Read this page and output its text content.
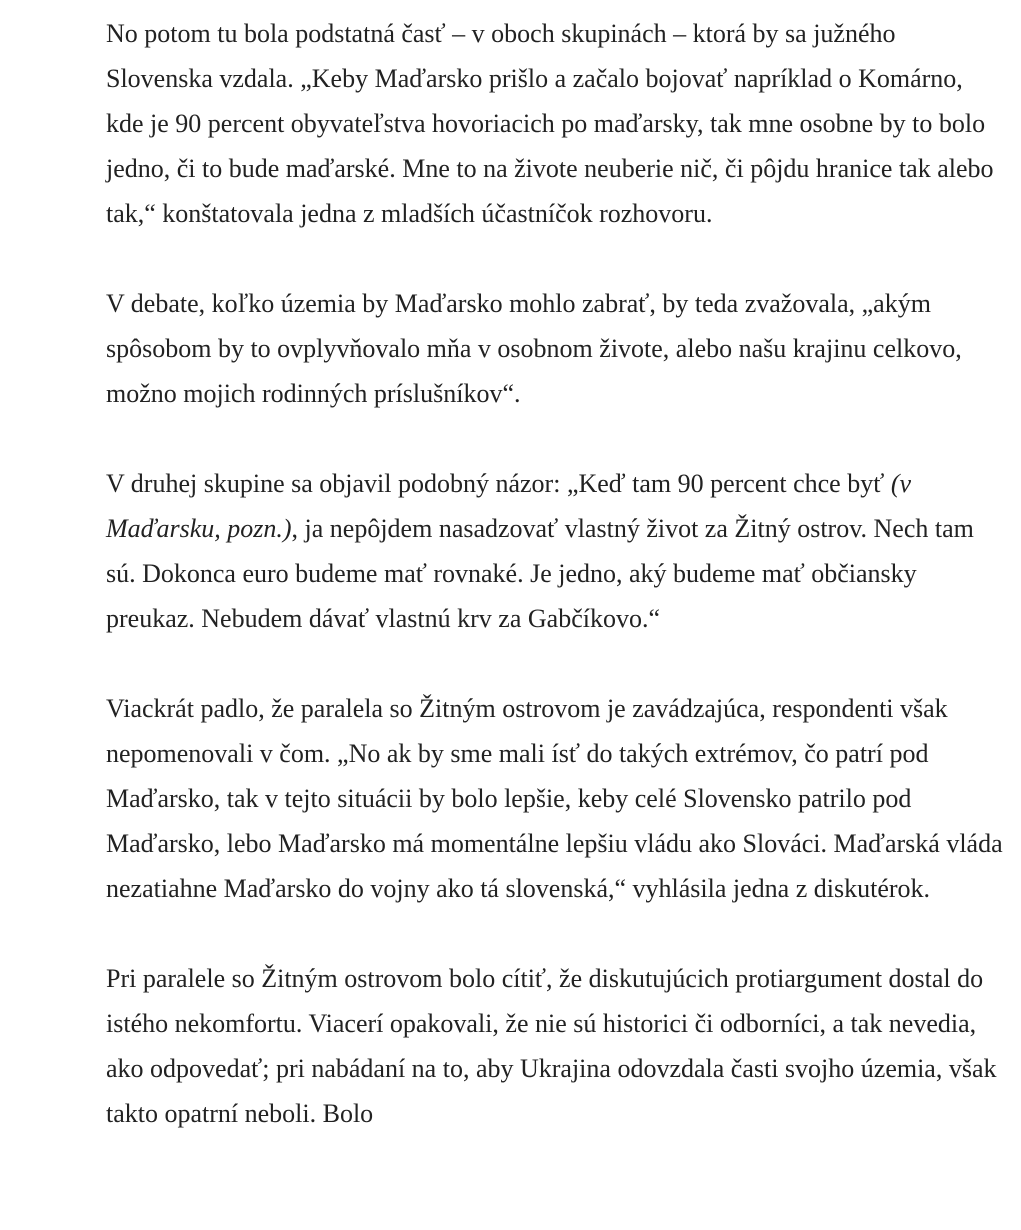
No potom tu bola podstatná časť – v oboch skupinách – ktorá by sa južného Slovenska vzdala. „Keby Maďarsko prišlo a začalo bojovať napríklad o Komárno, kde je 90 percent obyvateľstva hovoriacich po maďarsky, tak mne osobne by to bolo jedno, či to bude maďarské. Mne to na živote neuberie nič, či pôjdu hranice tak alebo tak,“ konštatovala jedna z mladších účastníčok rozhovoru.

V debate, koľko územia by Maďarsko mohlo zabrať, by teda zvažovala, „akým spôsobom by to ovplyvňovalo mňa v osobnom živote, alebo našu krajinu celkovo, možno mojich rodinných príslušníkov“.

V druhej skupine sa objavil podobný názor: „Keď tam 90 percent chce byť (v Maďarsku, pozn.), ja nepôjdem nasadzovať vlastný život za Žitný ostrov. Nech tam sú. Dokonca euro budeme mať rovnaké. Je jedno, aký budeme mať občiansky preukaz. Nebudem dávať vlastnú krv za Gabčíkovo.“

Viackrát padlo, že paralela so Žitným ostrovom je zavádzajúca, respondenti však nepomenovali v čom. „No ak by sme mali ísť do takých extrémov, čo patrí pod Maďarsko, tak v tejto situácii by bolo lepšie, keby celé Slovensko patrilo pod Maďarsko, lebo Maďarsko má momentálne lepšiu vládu ako Slováci. Maďarská vláda nezatiahne Maďarsko do vojny ako tá slovenská,“ vyhlásila jedna z diskutérok.

Pri paralele so Žitným ostrovom bolo cítiť, že diskutujúcich protiargument dostal do istého nekomfortu. Viacerí opakovali, že nie sú historici či odborníci, a tak nevedia, ako odpovedať; pri nabádaní na to, aby Ukrajina odovzdala časti svojho územia, však takto opatrní neboli. Bolo
